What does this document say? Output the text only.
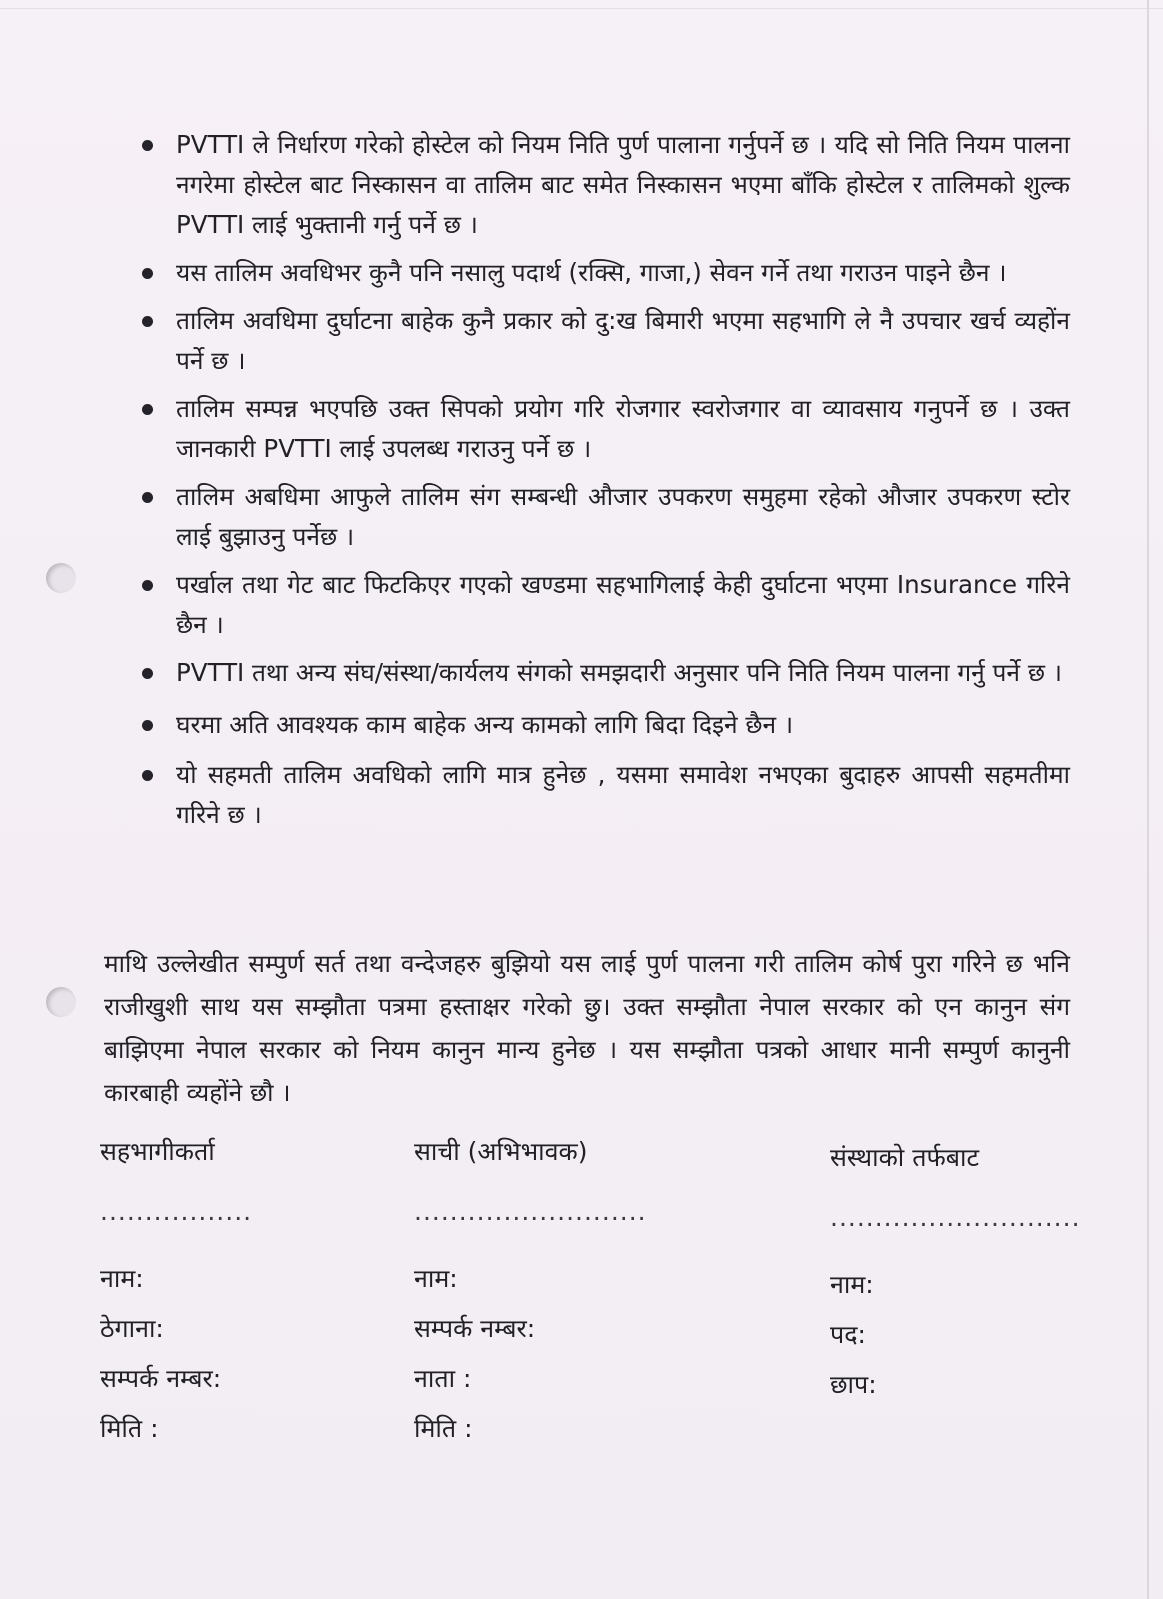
PVTTI ले निर्धारण गरेको होस्टेल को नियम निति पुर्ण पालाना गर्नुपर्ने छ । यदि सो निति नियम पालना नगरेमा होस्टेल बाट निस्कासन वा तालिम बाट समेत निस्कासन भएमा बाँकि होस्टेल र तालिमको शुल्क PVTTI लाई भुक्तानी गर्नु पर्ने छ ।
यस तालिम अवधिभर कुनै पनि नसालु पदार्थ (रक्सि, गाजा,) सेवन गर्ने तथा गराउन पाइने छैन ।
तालिम अवधिमा दुर्घाटना बाहेक कुनै प्रकार को दु:ख बिमारी भएमा सहभागि ले नै उपचार खर्च व्यहोंन पर्ने छ ।
तालिम सम्पन्न भएपछि उक्त सिपको प्रयोग गरि रोजगार स्वरोजगार वा व्यावसाय गनुपर्ने छ । उक्त जानकारी PVTTI लाई उपलब्ध गराउनु पर्ने छ ।
तालिम अबधिमा आफुले तालिम संग सम्बन्धी औजार उपकरण समुहमा रहेको औजार उपकरण स्टोर लाई बुझाउनु पर्नेछ ।
पर्खाल तथा गेट बाट फिटकिएर गएको खण्डमा सहभागिलाई केही दुर्घाटना भएमा Insurance गरिने छैन ।
PVTTI तथा अन्य संघ/संस्था/कार्यलय संगको समझदारी अनुसार पनि निति नियम पालना गर्नु पर्ने छ ।
घरमा अति आवश्यक काम बाहेक अन्य कामको लागि बिदा दिइने छैन ।
यो सहमती तालिम अवधिको लागि मात्र हुनेछ , यसमा समावेश नभएका बुदाहरु आपसी सहमतीमा गरिने छ ।

माथि उल्लेखीत सम्पुर्ण सर्त तथा वन्देजहरु बुझियो यस लाई पुर्ण पालना गरी तालिम कोर्ष पुरा गरिने छ भनि राजीखुशी साथ यस सम्झौता पत्रमा हस्ताक्षर गरेको छु। उक्त सम्झौता नेपाल सरकार को एन कानुन संग बाझिएमा नेपाल सरकार को नियम कानुन मान्य हुनेछ । यस सम्झौता पत्रको आधार मानी सम्पुर्ण कानुनी कारबाही व्यहोंने छौ ।

सहभागीकर्ता
.................
नाम:
ठेगाना:
सम्पर्क नम्बर:
मिति :
साची (अभिभावक)
..........................
नाम:
सम्पर्क नम्बर:
नाता :
मिति :
संस्थाको तर्फबाट
............................
नाम:
पद:
छाप:
